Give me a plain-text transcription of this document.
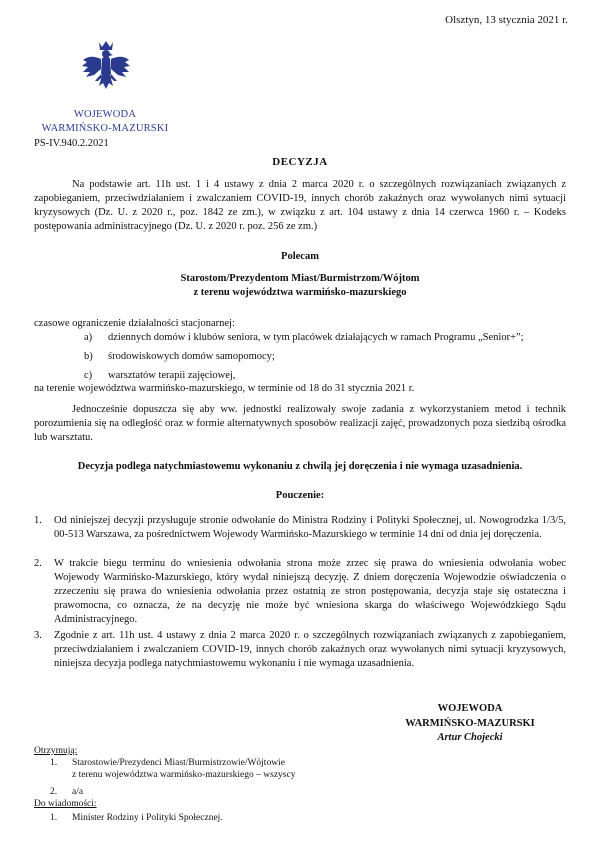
Olsztyn, 13 stycznia 2021 r.
WOJEWODA
WARMIŃSKO-MAZURSKI
PS-IV.940.2.2021
DECYZJA
Na podstawie art. 11h ust. 1 i 4 ustawy z dnia 2 marca 2020 r. o szczególnych rozwiązaniach związanych z zapobieganiem, przeciwdziałaniem i zwalczaniem COVID-19, innych chorób zakaźnych oraz wywołanych nimi sytuacji kryzysowych (Dz. U. z 2020 r., poz. 1842 ze zm.), w związku z art. 104 ustawy z dnia 14 czerwca 1960 r. – Kodeks postępowania administracyjnego (Dz. U. z 2020 r. poz. 256 ze zm.)
Polecam
Starostom/Prezydentom Miast/Burmistrzom/Wójtom
z terenu województwa warmińsko-mazurskiego
czasowe ograniczenie działalności stacjonarnej:
a) dziennych domów i klubów seniora, w tym placówek działających w ramach Programu „Senior+”;
b) środowiskowych domów samopomocy;
c) warsztatów terapii zajęciowej,
na terenie województwa warmińsko-mazurskiego, w terminie od 18 do 31 stycznia 2021 r.
Jednocześnie dopuszcza się aby ww. jednostki realizowały swoje zadania z wykorzystaniem metod i technik porozumienia się na odległość oraz w formie alternatywnych sposobów realizacji zajęć, prowadzonych poza siedzibą ośrodka lub warsztatu.
Decyzja podlega natychmiastowemu wykonaniu z chwilą jej doręczenia i nie wymaga uzasadnienia.
Pouczenie:
1. Od niniejszej decyzji przysługuje stronie odwołanie do Ministra Rodziny i Polityki Społecznej, ul. Nowogrodzka 1/3/5, 00-513 Warszawa, za pośrednictwem Wojewody Warmińsko-Mazurskiego w terminie 14 dni od dnia jej doręczenia.
2. W trakcie biegu terminu do wniesienia odwołania strona może zrzec się prawa do wniesienia odwołania wobec Wojewody Warmińsko-Mazurskiego, który wydał niniejszą decyzję. Z dniem doręczenia Wojewodzie oświadczenia o zrzeczeniu się prawa do wniesienia odwołania przez ostatnią ze stron postępowania, decyzja staje się ostateczna i prawomocna, co oznacza, że na decyzję nie może być wniesiona skarga do właściwego Wojewódzkiego Sądu Administracyjnego.
3. Zgodnie z art. 11h ust. 4 ustawy z dnia 2 marca 2020 r. o szczególnych rozwiązaniach związanych z zapobieganiem, przeciwdziałaniem i zwalczaniem COVID-19, innych chorób zakaźnych oraz wywołanych nimi sytuacji kryzysowych, niniejsza decyzja podlega natychmiastowemu wykonaniu i nie wymaga uzasadnienia.
WOJEWODA
WARMIŃSKO-MAZURSKI
Artur Chojecki
Otrzymują:
1. Starostowie/Prezydenci Miast/Burmistrzowie/Wójtowie
z terenu województwa warmińsko-mazurskiego – wszyscy
2. a/a
Do wiadomości:
1. Minister Rodziny i Polityki Społecznej.
